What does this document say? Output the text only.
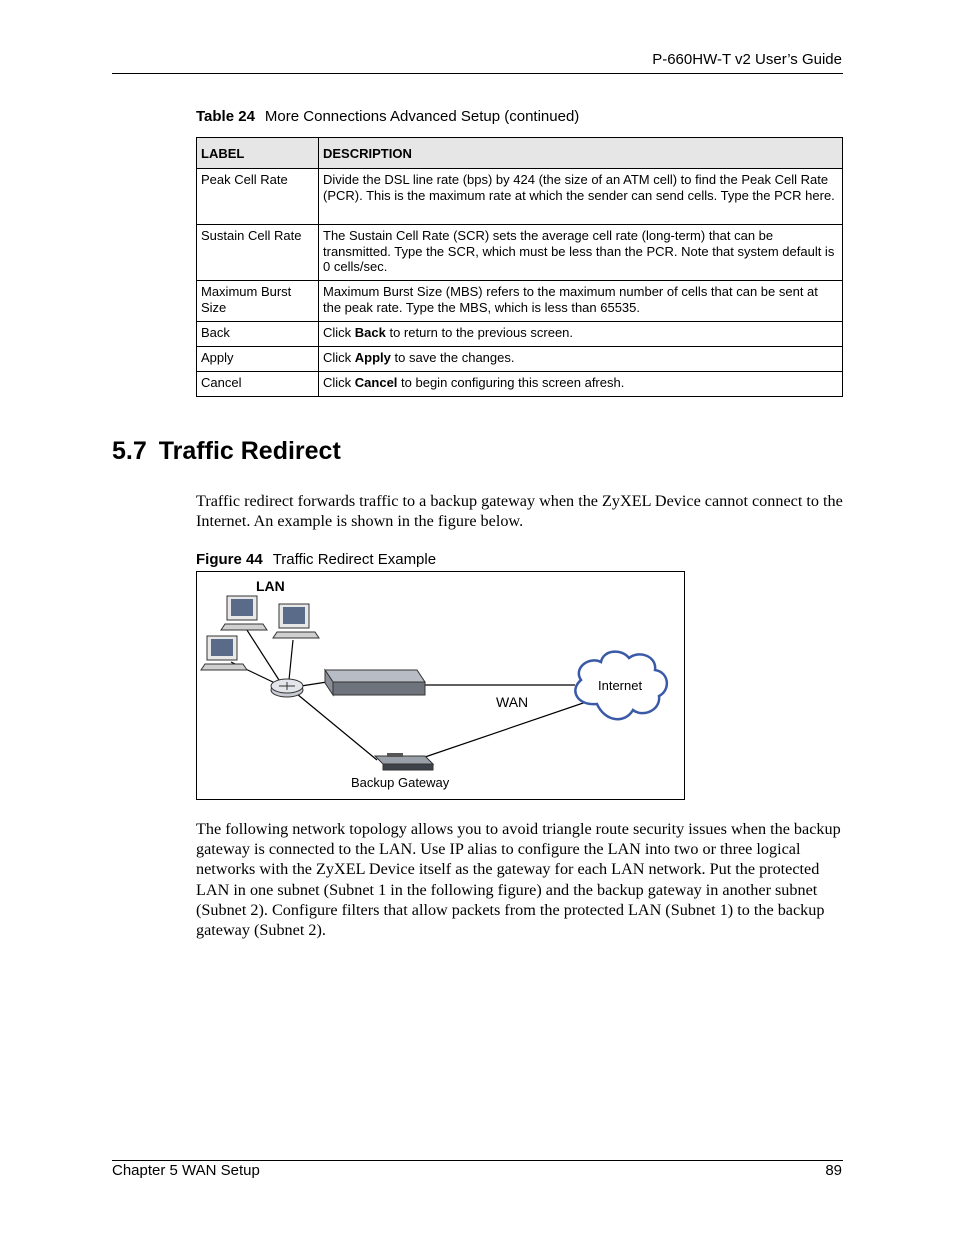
P-660HW-T v2 User’s Guide
Table 24 More Connections Advanced Setup (continued)
LABEL	DESCRIPTION
Peak Cell Rate	Divide the DSL line rate (bps) by 424 (the size of an ATM cell) to find the Peak Cell Rate (PCR). This is the maximum rate at which the sender can send cells. Type the PCR here.
Sustain Cell Rate	The Sustain Cell Rate (SCR) sets the average cell rate (long-term) that can be transmitted. Type the SCR, which must be less than the PCR. Note that system default is 0 cells/sec.
Maximum Burst Size	Maximum Burst Size (MBS) refers to the maximum number of cells that can be sent at the peak rate. Type the MBS, which is less than 65535.
Back	Click Back to return to the previous screen.
Apply	Click Apply to save the changes.
Cancel	Click Cancel to begin configuring this screen afresh.
5.7 Traffic Redirect
Traffic redirect forwards traffic to a backup gateway when the ZyXEL Device cannot connect to the Internet. An example is shown in the figure below.
Figure 44 Traffic Redirect Example
LAN
WAN
Internet
Backup Gateway
The following network topology allows you to avoid triangle route security issues when the backup gateway is connected to the LAN. Use IP alias to configure the LAN into two or three logical networks with the ZyXEL Device itself as the gateway for each LAN network. Put the protected LAN in one subnet (Subnet 1 in the following figure) and the backup gateway in another subnet (Subnet 2). Configure filters that allow packets from the protected LAN (Subnet 1) to the backup gateway (Subnet 2).
Chapter 5 WAN Setup	89
